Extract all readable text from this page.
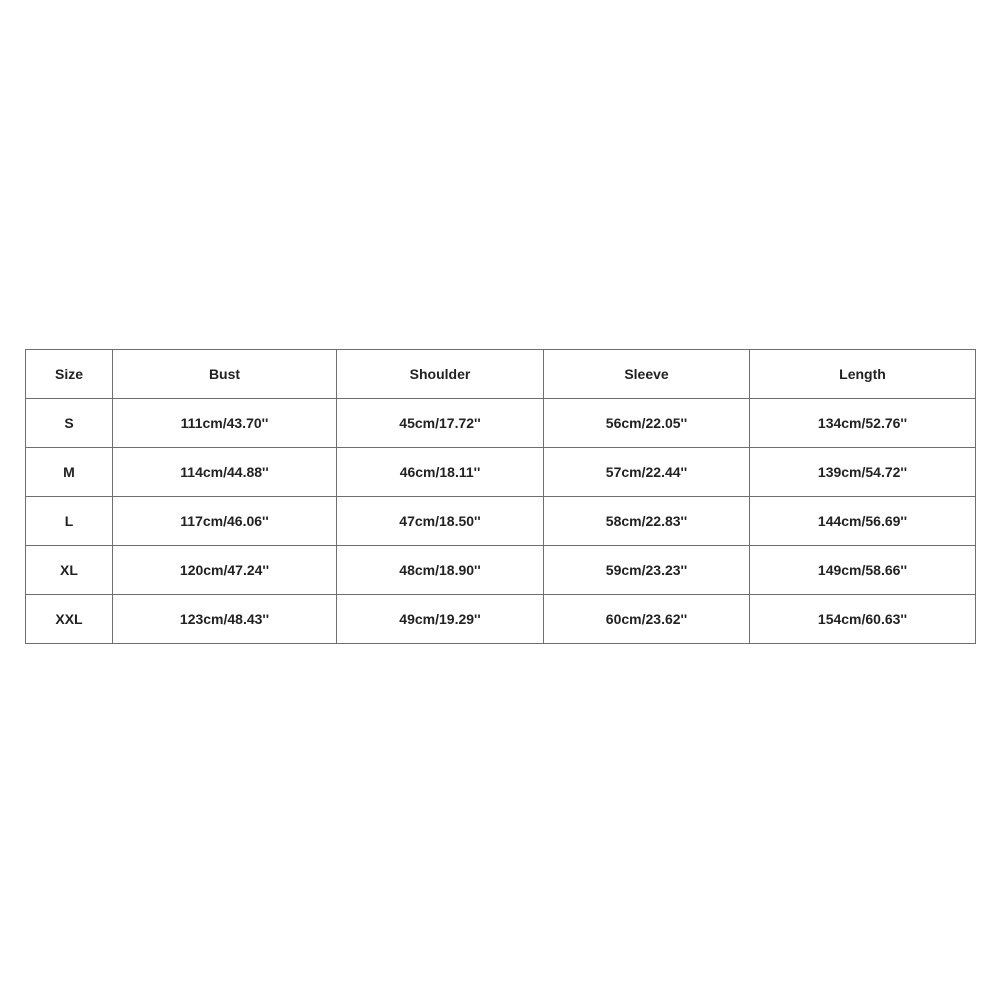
Size	Bust	Shoulder	Sleeve	Length
S	111cm/43.70''	45cm/17.72''	56cm/22.05''	134cm/52.76''
M	114cm/44.88''	46cm/18.11''	57cm/22.44''	139cm/54.72''
L	117cm/46.06''	47cm/18.50''	58cm/22.83''	144cm/56.69''
XL	120cm/47.24''	48cm/18.90''	59cm/23.23''	149cm/58.66''
XXL	123cm/48.43''	49cm/19.29''	60cm/23.62''	154cm/60.63''
